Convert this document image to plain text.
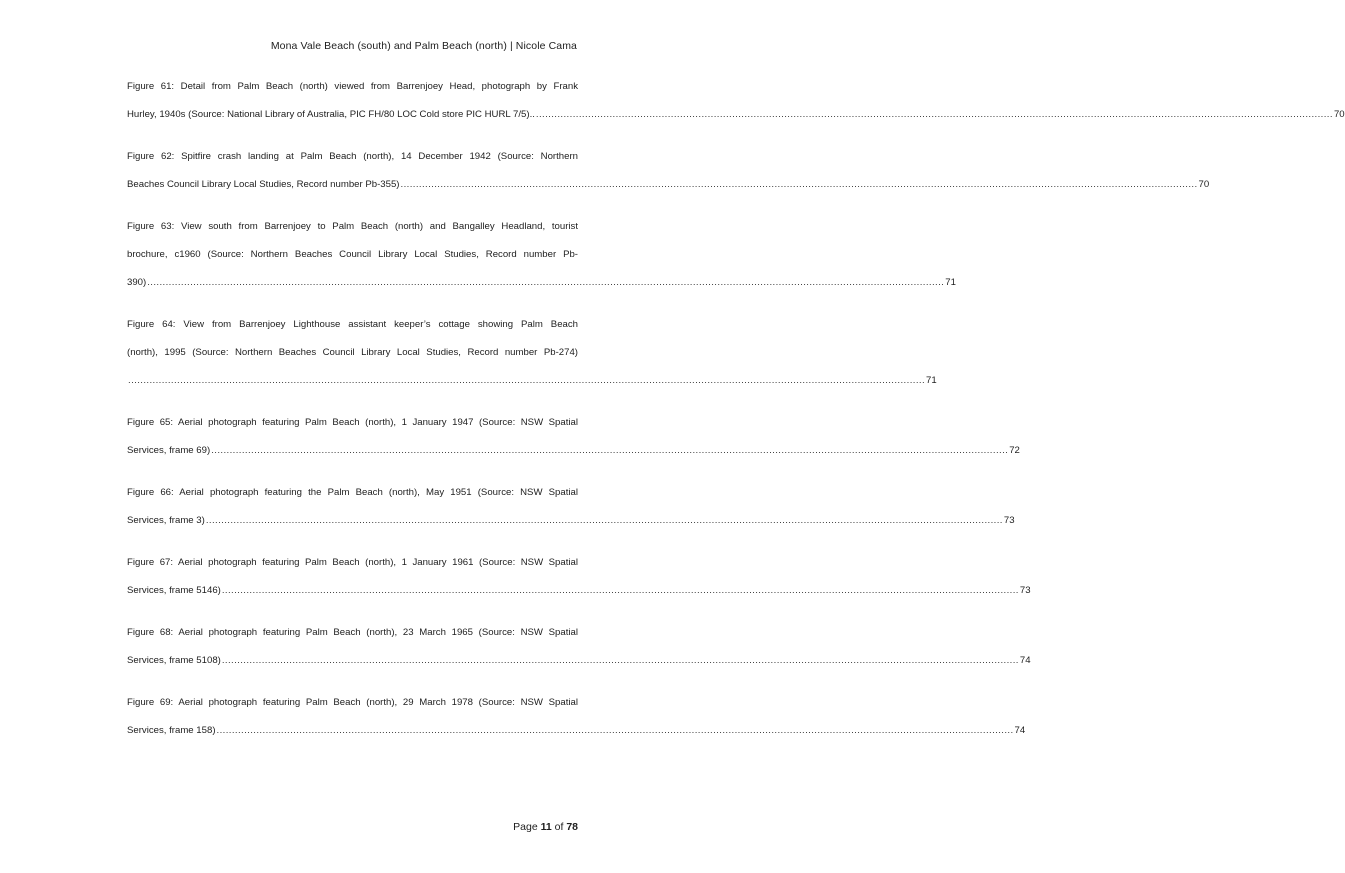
Mona Vale Beach (south) and Palm Beach (north) | Nicole Cama
Figure 61: Detail from Palm Beach (north) viewed from Barrenjoey Head, photograph by Frank
Hurley, 1940s (Source: National Library of Australia, PIC FH/80 LOC Cold store PIC HURL 7/5).. .................................................................................................................................................................................................................................................................... 70
Figure 62: Spitfire crash landing at Palm Beach (north), 14 December 1942 (Source: Northern
Beaches Council Library Local Studies, Record number Pb-355) .................................................................................................................................................................................................................................................................... 70
Figure 63: View south from Barrenjoey to Palm Beach (north) and Bangalley Headland, tourist
brochure, c1960 (Source: Northern Beaches Council Library Local Studies, Record number Pb-
390) .................................................................................................................................................................................................................................................................... 71
Figure 64: View from Barrenjoey Lighthouse assistant keeper’s cottage showing Palm Beach
(north), 1995 (Source: Northern Beaches Council Library Local Studies, Record number Pb-274)
.................................................................................................................................................................................................................................................................... 71
Figure 65: Aerial photograph featuring Palm Beach (north), 1 January 1947 (Source: NSW Spatial
Services, frame 69) .................................................................................................................................................................................................................................................................... 72
Figure 66: Aerial photograph featuring the Palm Beach (north), May 1951 (Source: NSW Spatial
Services, frame 3) .................................................................................................................................................................................................................................................................... 73
Figure 67: Aerial photograph featuring Palm Beach (north), 1 January 1961 (Source: NSW Spatial
Services, frame 5146) .................................................................................................................................................................................................................................................................... 73
Figure 68: Aerial photograph featuring Palm Beach (north), 23 March 1965 (Source: NSW Spatial
Services, frame 5108) .................................................................................................................................................................................................................................................................... 74
Figure 69: Aerial photograph featuring Palm Beach (north), 29 March 1978 (Source: NSW Spatial
Services, frame 158) .................................................................................................................................................................................................................................................................... 74
Page 11 of 78
